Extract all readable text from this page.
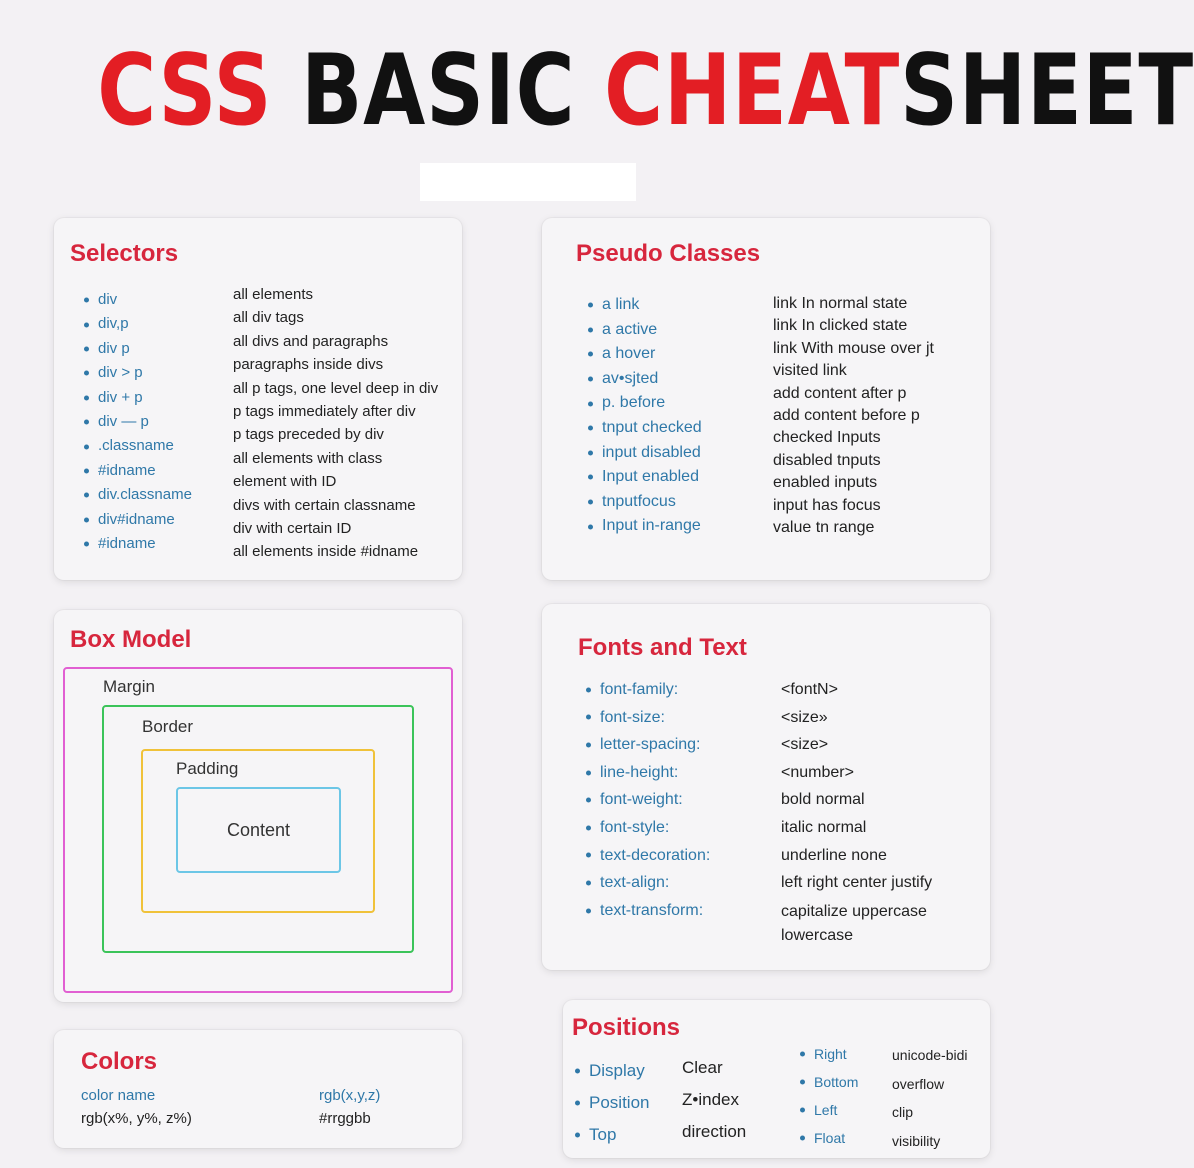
CSS BASIC CHEATSHEET
Selectors
div
div,p
div p
div > p
div + p
div — p
.classname
#idname
div.classname
div#idname
#idname
all elements
all div tags
all divs and paragraphs
paragraphs inside divs
all p tags, one level deep in div
p tags immediately after div
p tags preceded by div
all elements with class
element with ID
divs with certain classname
div with certain ID
all elements inside #idname
Pseudo Classes
a link
a active
a hover
av•sjted
p. before
tnput checked
input disabled
Input enabled
tnputfocus
Input in-range
link In normal state
link In clicked state
link With mouse over jt
visited link
add content after p
add content before p
checked Inputs
disabled tnputs
enabled inputs
input has focus
value tn range
Box Model
Margin
Border
Padding
Content
Fonts and Text
font-family:
font-size:
letter-spacing:
line-height:
font-weight:
font-style:
text-decoration:
text-align:
text-transform:
<fontN>
<size»
<size>
<number>
bold normal
italic normal
underline none
left right center justify
capitalize uppercase
lowercase
Colors
color name
rgb(x%, y%, z%)
rgb(x,y,z)
#rrggbb
Positions
Display
Position
Top
Clear
Z•index
direction
Right
Bottom
Left
Float
unicode-bidi
overflow
clip
visibility
